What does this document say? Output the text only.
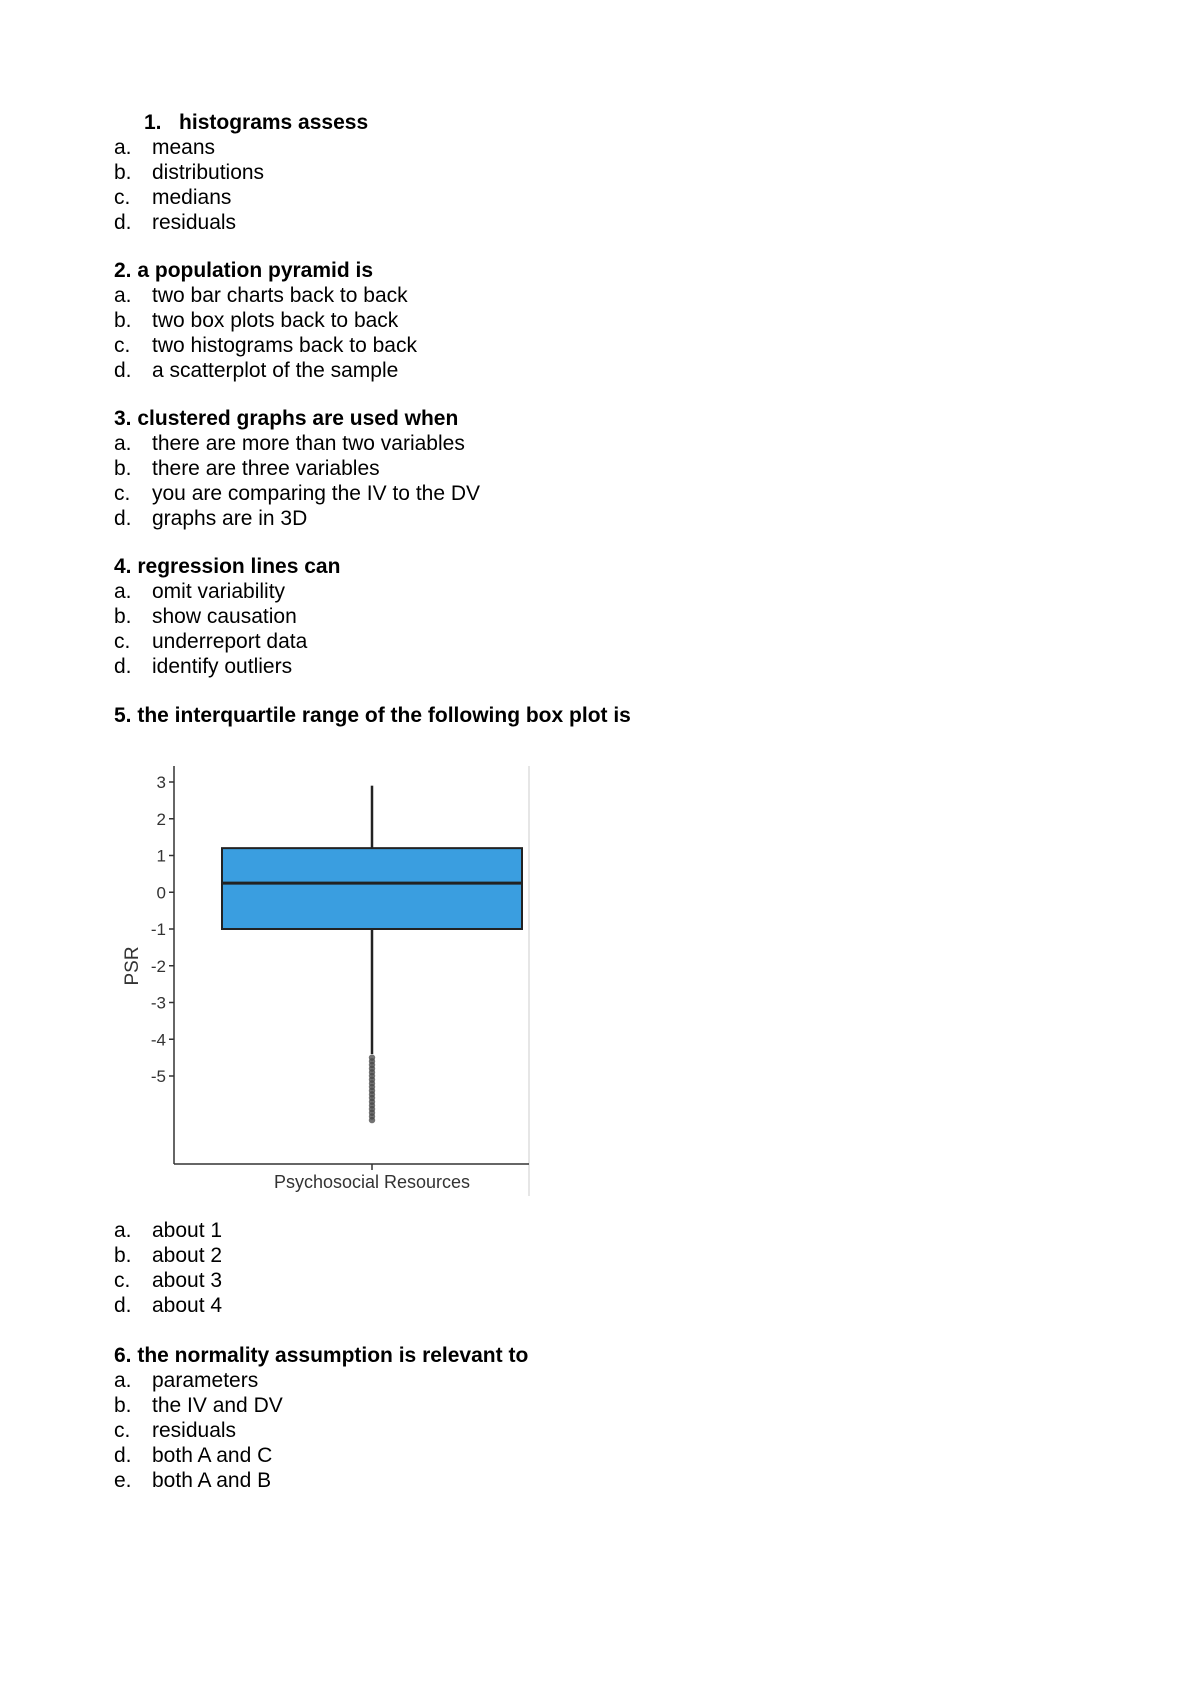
1. histograms assess
a. means
b. distributions
c.	medians
d. residuals
2. a population pyramid is
a. two bar charts back to back
b. two box plots back to back
c.	two histograms back to back
d. a scatterplot of the sample
3. clustered graphs are used when
a. there are more than two variables
b. there are three variables
c.	you are comparing the IV to the DV
d. graphs are in 3D
4. regression lines can
a. omit variability
b. show causation
c.	underreport data
d. identify outliers
5. the interquartile range of the following box plot is
PSR
Psychosocial Resources
3
2
1
0
-1
-2
-3
-4
-5
a. about 1
b. about 2
c.	about 3
d. about 4
6. the normality assumption is relevant to
a. parameters
b. the IV and DV
c.	residuals
d. both A and C
e. both A and B
